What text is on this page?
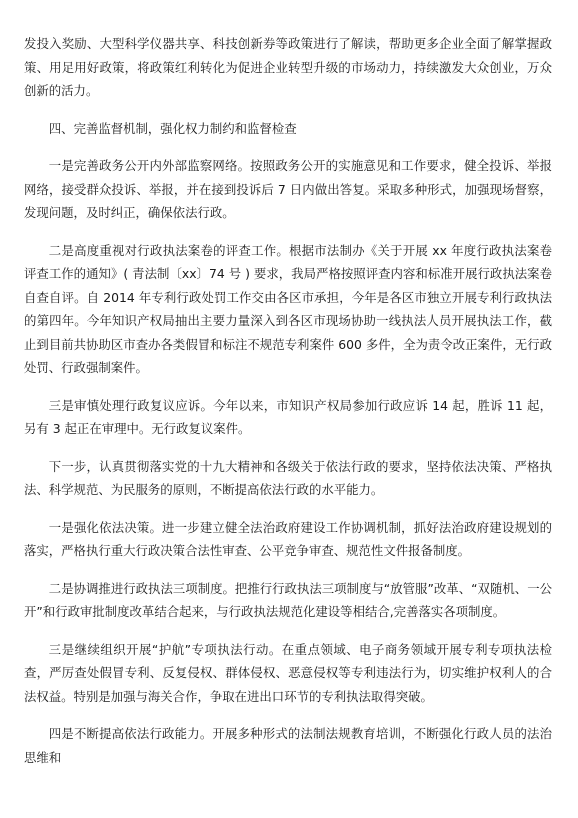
发投入奖励、大型科学仪器共享、科技创新券等政策进行了解读，帮助更多企业全面了解掌握政策、用足用好政策，将政策红利转化为促进企业转型升级的市场动力，持续激发大众创业，万众创新的活力。

四、完善监督机制，强化权力制约和监督检查

一是完善政务公开内外部监察网络。按照政务公开的实施意见和工作要求，健全投诉、举报网络，接受群众投诉、举报，并在接到投诉后 7 日内做出答复。采取多种形式，加强现场督察，发现问题，及时纠正，确保依法行政。

二是高度重视对行政执法案卷的评查工作。根据市法制办《关于开展 xx 年度行政执法案卷评查工作的通知》( 青法制〔xx〕74 号 ) 要求，我局严格按照评查内容和标准开展行政执法案卷自查自评。自 2014 年专利行政处罚工作交由各区市承担，今年是各区市独立开展专利行政执法的第四年。今年知识产权局抽出主要力量深入到各区市现场协助一线执法人员开展执法工作，截止到目前共协助区市查办各类假冒和标注不规范专利案件 600 多件，全为责令改正案件，无行政处罚、行政强制案件。

三是审慎处理行政复议应诉。今年以来，市知识产权局参加行政应诉 14 起，胜诉 11 起，另有 3 起正在审理中。无行政复议案件。

下一步，认真贯彻落实党的十九大精神和各级关于依法行政的要求，坚持依法决策、严格执法、科学规范、为民服务的原则，不断提高依法行政的水平能力。

一是强化依法决策。进一步建立健全法治政府建设工作协调机制，抓好法治政府建设规划的落实，严格执行重大行政决策合法性审查、公平竞争审查、规范性文件报备制度。

二是协调推进行政执法三项制度。把推行行政执法三项制度与“放管服”改革、“双随机、一公开”和行政审批制度改革结合起来，与行政执法规范化建设等相结合,完善落实各项制度。

三是继续组织开展“护航”专项执法行动。在重点领域、电子商务领域开展专利专项执法检查，严厉查处假冒专利、反复侵权、群体侵权、恶意侵权等专利违法行为，切实维护权利人的合法权益。特别是加强与海关合作，争取在进出口环节的专利执法取得突破。

四是不断提高依法行政能力。开展多种形式的法制法规教育培训，不断强化行政人员的法治思维和
